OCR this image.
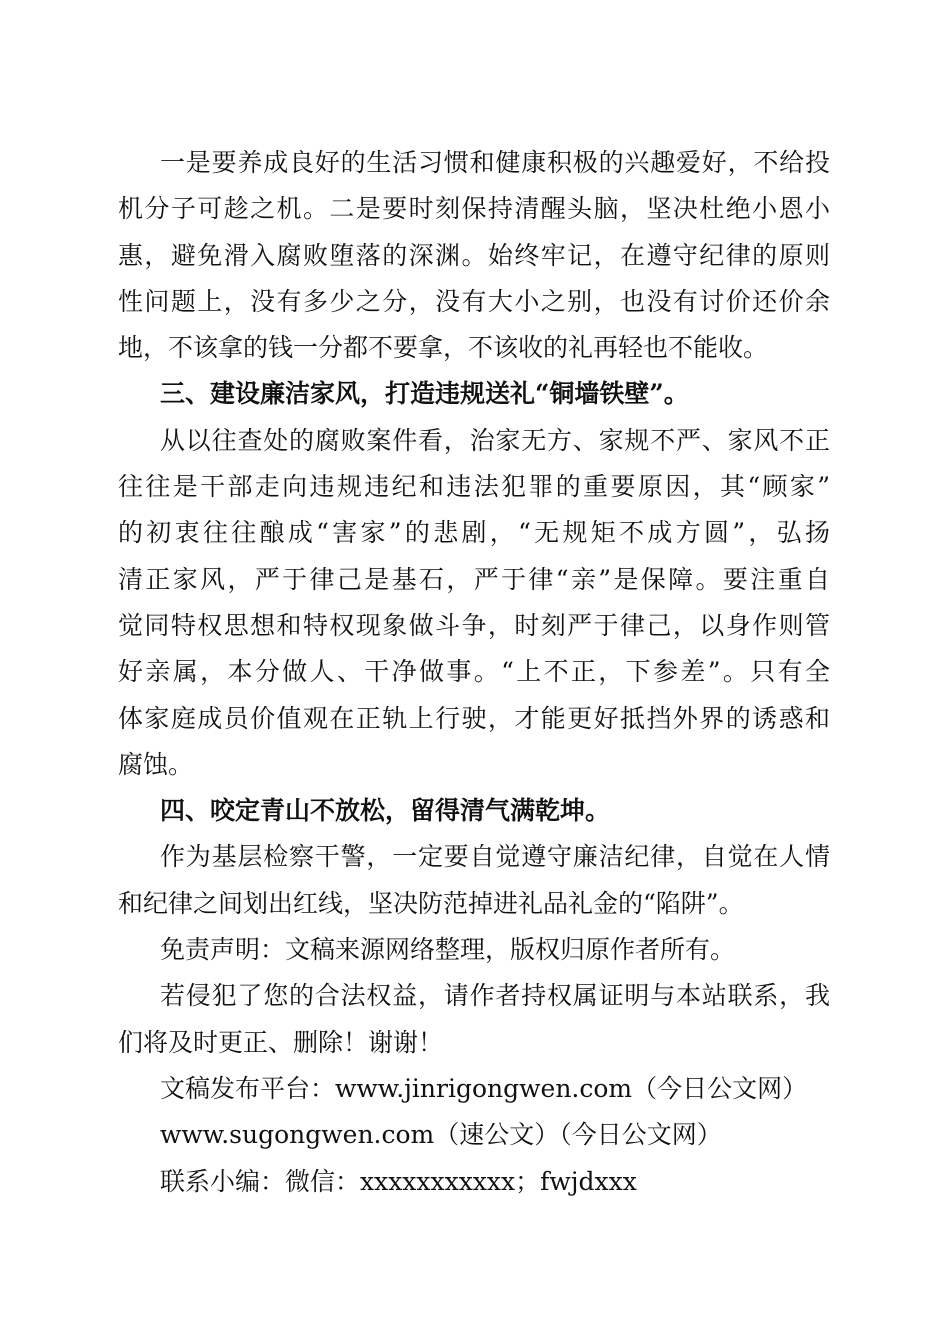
一是要养成良好的生活习惯和健康积极的兴趣爱好，不给投
机分子可趁之机。二是要时刻保持清醒头脑，坚决杜绝小恩小
惠，避免滑入腐败堕落的深渊。始终牢记，在遵守纪律的原则
性问题上，没有多少之分，没有大小之别，也没有讨价还价余
地，不该拿的钱一分都不要拿，不该收的礼再轻也不能收。
三、建设廉洁家风，打造违规送礼“铜墙铁壁”。
从以往查处的腐败案件看，治家无方、家规不严、家风不正
往往是干部走向违规违纪和违法犯罪的重要原因，其“顾家”
的初衷往往酿成“害家”的悲剧，“无规矩不成方圆”，弘扬
清正家风，严于律己是基石，严于律“亲”是保障。要注重自
觉同特权思想和特权现象做斗争，时刻严于律己，以身作则管
好亲属，本分做人、干净做事。“上不正，下参差”。只有全
体家庭成员价值观在正轨上行驶，才能更好抵挡外界的诱惑和
腐蚀。
四、咬定青山不放松，留得清气满乾坤。
作为基层检察干警，一定要自觉遵守廉洁纪律，自觉在人情
和纪律之间划出红线，坚决防范掉进礼品礼金的“陷阱”。
免责声明：文稿来源网络整理，版权归原作者所有。
若侵犯了您的合法权益，请作者持权属证明与本站联系，我
们将及时更正、删除！谢谢！
文稿发布平台：www.jinrigongwen.com（今日公文网）
www.sugongwen.com（速公文）（今日公文网）
联系小编：微信：xxxxxxxxxxx；fwjdxxx
